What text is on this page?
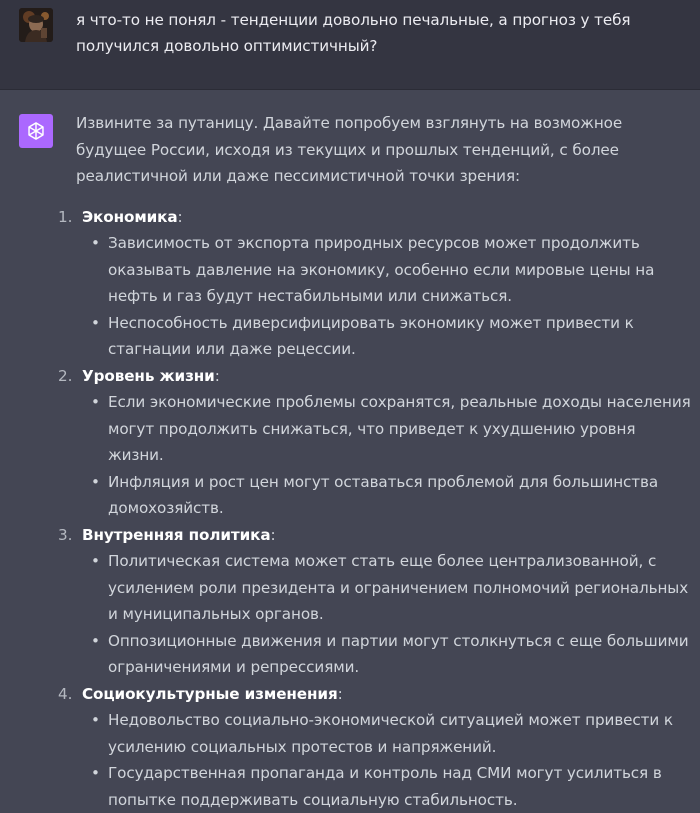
я что-то не понял - тенденции довольно печальные, а прогноз у тебя получился довольно оптимистичный?

Извините за путаницу. Давайте попробуем взглянуть на возможное будущее России, исходя из текущих и прошлых тенденций, с более реалистичной или даже пессимистичной точки зрения:

1. Экономика:
• Зависимость от экспорта природных ресурсов может продолжить оказывать давление на экономику, особенно если мировые цены на нефть и газ будут нестабильными или снижаться.
• Неспособность диверсифицировать экономику может привести к стагнации или даже рецессии.
2. Уровень жизни:
• Если экономические проблемы сохранятся, реальные доходы населения могут продолжить снижаться, что приведет к ухудшению уровня жизни.
• Инфляция и рост цен могут оставаться проблемой для большинства домохозяйств.
3. Внутренняя политика:
• Политическая система может стать еще более централизованной, с усилением роли президента и ограничением полномочий региональных и муниципальных органов.
• Оппозиционные движения и партии могут столкнуться с еще большими ограничениями и репрессиями.
4. Социокультурные изменения:
• Недовольство социально-экономической ситуацией может привести к усилению социальных протестов и напряжений.
• Государственная пропаганда и контроль над СМИ могут усилиться в попытке поддерживать социальную стабильность.
